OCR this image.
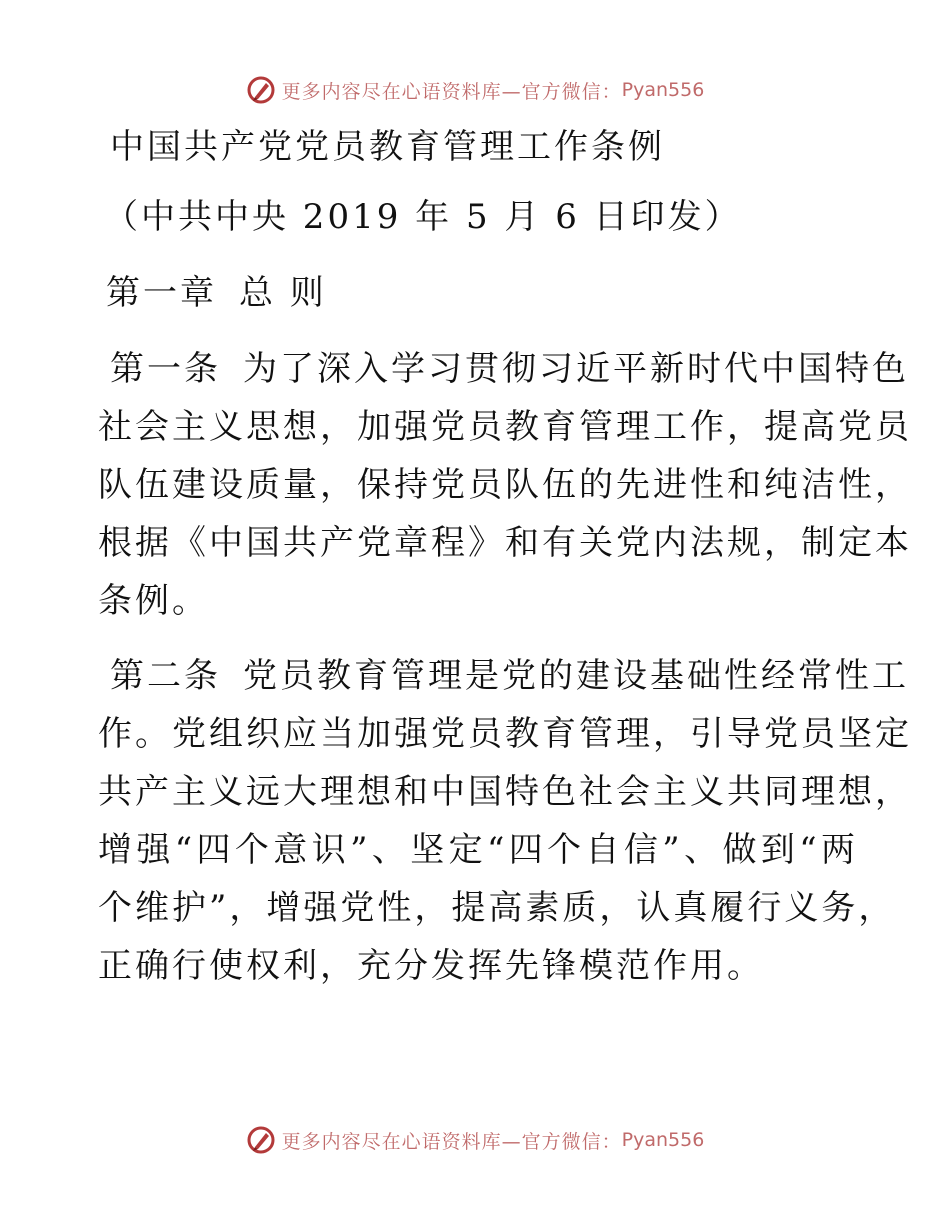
更多内容尽在心语资料库—官方微信： Pyan556
中国共产党党员教育管理工作条例
（中共中央 2019 年 5 月 6 日印发）
第一章 总 则
第一条 为了深入学习贯彻习近平新时代中国特色
社会主义思想，加强党员教育管理工作，提高党员
队伍建设质量，保持党员队伍的先进性和纯洁性，
根据《中国共产党章程》和有关党内法规，制定本
条例。
第二条 党员教育管理是党的建设基础性经常性工
作。党组织应当加强党员教育管理，引导党员坚定
共产主义远大理想和中国特色社会主义共同理想，
增强“四个意识”、坚定“四个自信”、做到“两
个维护”，增强党性，提高素质，认真履行义务，
正确行使权利，充分发挥先锋模范作用。
更多内容尽在心语资料库—官方微信： Pyan556
